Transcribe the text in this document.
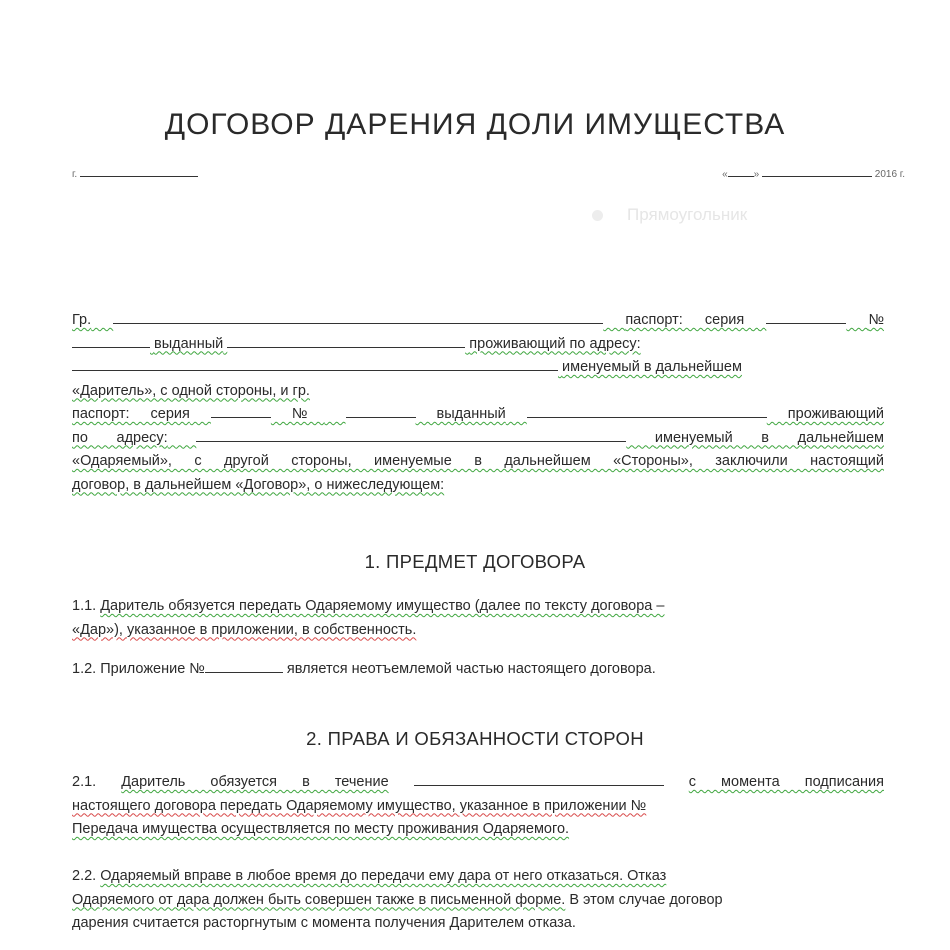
ДОГОВОР ДАРЕНИЯ ДОЛИ ИМУЩЕСТВА
г.	«	»	2016 г.
Прямоугольник

Гр.	паспорт: серия	№

выданный	проживающий по адресу:

именуемый в дальнейшем

«Даритель», с одной стороны, и гр.

паспорт: серия	№	выданный	проживающий

по адресу:	именуемый в дальнейшем

«Одаряемый», с другой стороны, именуемые в дальнейшем «Стороны», заключили настоящий

договор, в дальнейшем «Договор», о нижеследующем:

1. ПРЕДМЕТ ДОГОВОРА

1.1. Даритель обязуется передать Одаряемому имущество (далее по тексту договора –

«Дар»), указанное в приложении, в собственность.

1.2. Приложение №	является неотъемлемой частью настоящего договора.

2. ПРАВА И ОБЯЗАННОСТИ СТОРОН

2.1. Даритель обязуется в течение	с момента подписания

настоящего договора передать Одаряемому имущество, указанное в приложении №

Передача имущества осуществляется по месту проживания Одаряемого.

2.2. Одаряемый вправе в любое время до передачи ему дара от него отказаться. Отказ

Одаряемого от дара должен быть совершен также в письменной форме. В этом случае договор

дарения считается расторгнутым с момента получения Дарителем отказа.
